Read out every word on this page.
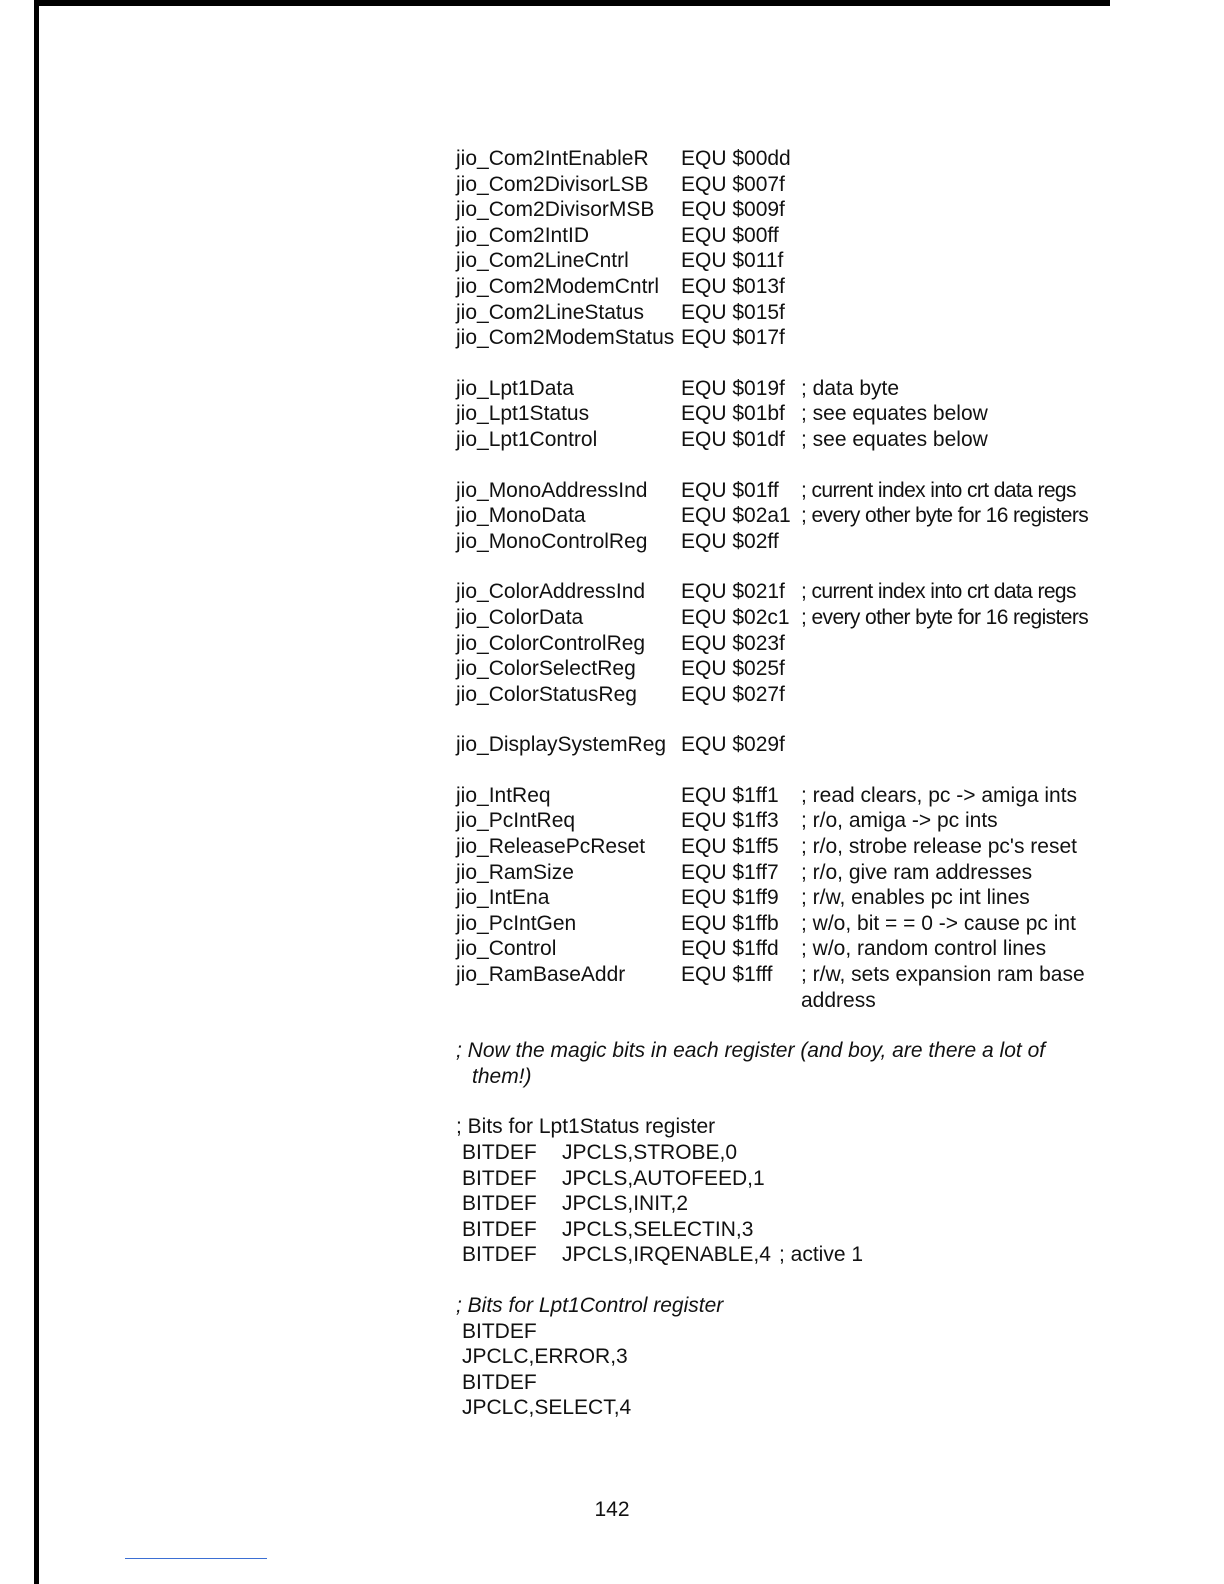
jio_Com2IntEnableR EQU $00dd
jio_Com2DivisorLSB EQU $007f
jio_Com2DivisorMSB EQU $009f
jio_Com2IntID	EQU $00ff
jio_Com2LineCntrl EQU $011f
jio_Com2ModemCntrl EQU $013f
jio_Com2LineStatus EQU $015f
jio_Com2ModemStatus EQU $017f
jio_Lpt1Data	EQU $019f ; data byte
jio_Lpt1Status	EQU $01bf ; see equates below
jio_Lpt1Control	EQU $01df ; see equates below
jio_MonoAddressInd EQU $01ff ; current index into crt data regs
jio_MonoData	EQU $02a1 ; every other byte for 16 registers
jio_MonoControlReg EQU $02ff
jio_ColorAddressInd EQU $021f ; current index into crt data regs
jio_ColorData	EQU $02c1 ; every other byte for 16 registers
jio_ColorControlReg EQU $023f
jio_ColorSelectReg EQU $025f
jio_ColorStatusReg EQU $027f
jio_DisplaySystemReg EQU $029f
jio_IntReq	EQU $1ff1 ; read clears, pc -> amiga ints
jio_PcIntReq	EQU $1ff3 ; r/o, amiga -> pc ints
jio_ReleasePcReset EQU $1ff5 ; r/o, strobe release pc's reset
jio_RamSize	EQU $1ff7 ; r/o, give ram addresses
jio_IntEna	EQU $1ff9 ; r/w, enables pc int lines
jio_PcIntGen	EQU $1ffb ; w/o, bit = = 0 -> cause pc int
jio_Control	EQU $1ffd ; w/o, random control lines
jio_RamBaseAddr	EQU $1fff ; r/w, sets expansion ram base address
; Now the magic bits in each register (and boy, are there a lot of
them!)
; Bits for Lpt1Status register
BITDEF JPCLS,STROBE,0
BITDEF JPCLS,AUTOFEED,1
BITDEF JPCLS,INIT,2
BITDEF JPCLS,SELECTIN,3
BITDEF JPCLS,IRQENABLE,4 ; active 1
; Bits for Lpt1Control register
BITDEF
JPCLC,ERROR,3
BITDEF
JPCLC,SELECT,4
142
